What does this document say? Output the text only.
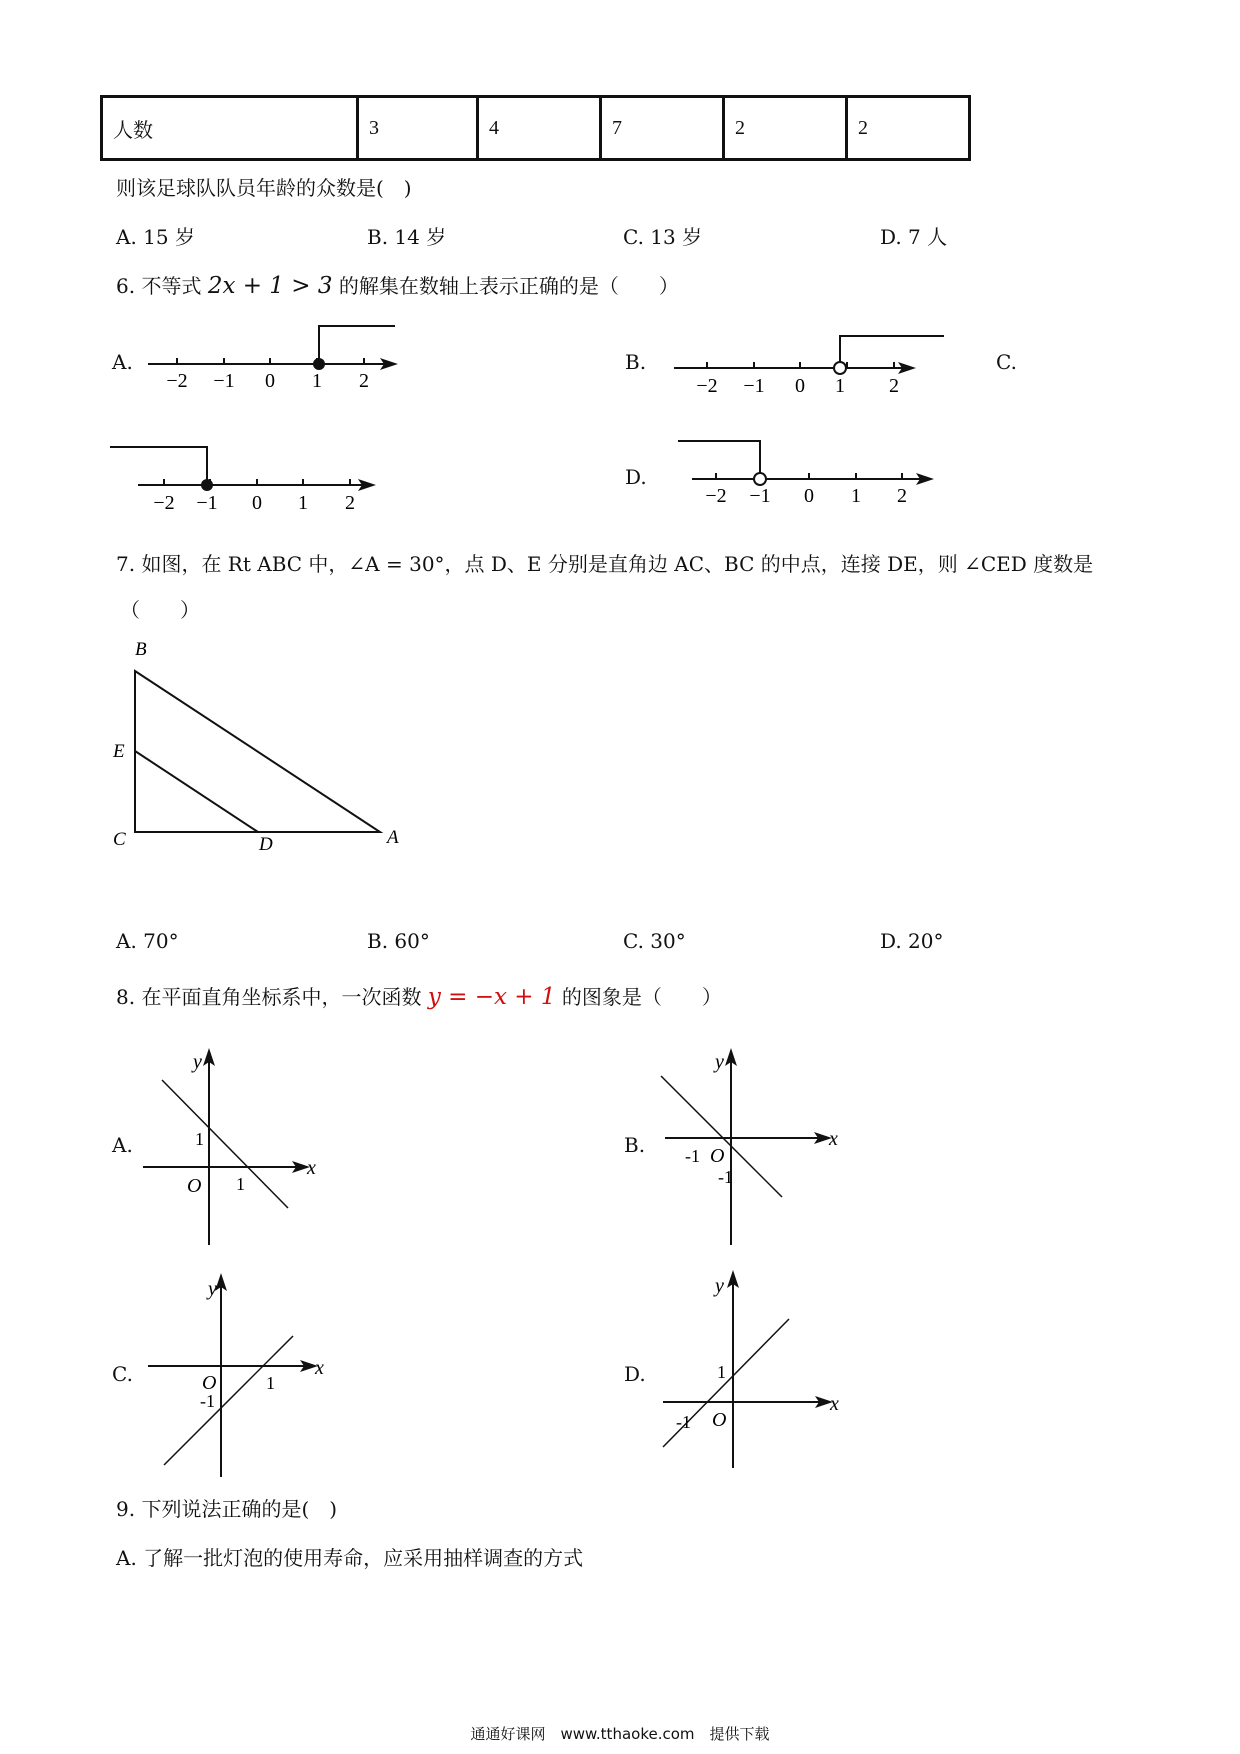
人数	3	4	7	2	2
则该足球队队员年龄的众数是(　)
A. 15 岁	B. 14 岁	C. 13 岁	D. 7 人
6. 不等式 2x + 1 > 3 的解集在数轴上表示正确的是（　　）
A.	B.	C.
D.
−2 −1 0 1 2	−2 −1 0 1 2
−2 −1 0 1 2	−2 −1 0 1 2
7. 如图，在 Rt ABC 中，∠A = 30°，点 D、E 分别是直角边 AC、BC 的中点，连接 DE，则 ∠CED 度数是
（　　）
B
E
C	D	A
A. 70°	B. 60°	C. 30°	D. 20°
8. 在平面直角坐标系中，一次函数 y = −x + 1 的图象是（　　）
A.	B.
C.	D.
y
x
O
1
1
y
x
O
-1
-1
y
x
O
-1
1
y
x
O
1
-1
9. 下列说法正确的是(　)
A. 了解一批灯泡的使用寿命，应采用抽样调查的方式
通通好课网　www.tthaoke.com　提供下载
